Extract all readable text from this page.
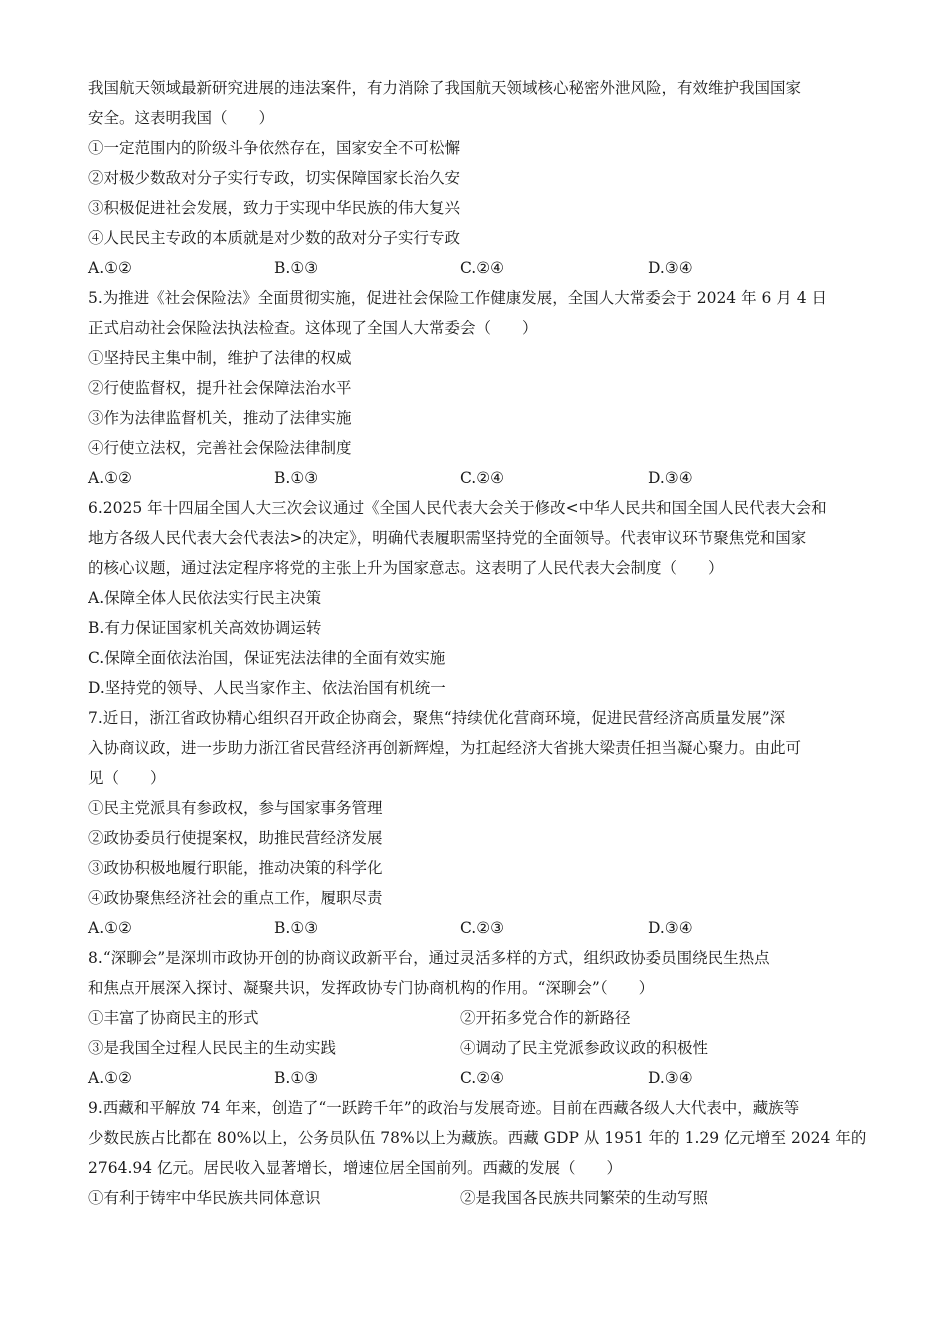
我国航天领域最新研究进展的违法案件，有力消除了我国航天领域核心秘密外泄风险，有效维护我国国家
安全。这表明我国（　　）
①一定范围内的阶级斗争依然存在，国家安全不可松懈
②对极少数敌对分子实行专政，切实保障国家长治久安
③积极促进社会发展，致力于实现中华民族的伟大复兴
④人民民主专政的本质就是对少数的敌对分子实行专政
A.①②	B.①③	C.②④	D.③④
5.为推进《社会保险法》全面贯彻实施，促进社会保险工作健康发展，全国人大常委会于 2024 年 6 月 4 日
正式启动社会保险法执法检查。这体现了全国人大常委会（　　）
①坚持民主集中制，维护了法律的权威
②行使监督权，提升社会保障法治水平
③作为法律监督机关，推动了法律实施
④行使立法权，完善社会保险法律制度
A.①②	B.①③	C.②④	D.③④
6.2025 年十四届全国人大三次会议通过《全国人民代表大会关于修改<中华人民共和国全国人民代表大会和
地方各级人民代表大会代表法>的决定》，明确代表履职需坚持党的全面领导。代表审议环节聚焦党和国家
的核心议题，通过法定程序将党的主张上升为国家意志。这表明了人民代表大会制度（　　）
A.保障全体人民依法实行民主决策
B.有力保证国家机关高效协调运转
C.保障全面依法治国，保证宪法法律的全面有效实施
D.坚持党的领导、人民当家作主、依法治国有机统一
7.近日，浙江省政协精心组织召开政企协商会，聚焦“持续优化营商环境，促进民营经济高质量发展”深
入协商议政，进一步助力浙江省民营经济再创新辉煌，为扛起经济大省挑大梁责任担当凝心聚力。由此可
见（　　）
①民主党派具有参政权，参与国家事务管理
②政协委员行使提案权，助推民营经济发展
③政协积极地履行职能，推动决策的科学化
④政协聚焦经济社会的重点工作，履职尽责
A.①②	B.①③	C.②③	D.③④
8.“深聊会”是深圳市政协开创的协商议政新平台，通过灵活多样的方式，组织政协委员围绕民生热点
和焦点开展深入探讨、凝聚共识，发挥政协专门协商机构的作用。“深聊会”（　　）
①丰富了协商民主的形式	②开拓多党合作的新路径
③是我国全过程人民民主的生动实践	④调动了民主党派参政议政的积极性
A.①②	B.①③	C.②④	D.③④
9.西藏和平解放 74 年来，创造了“一跃跨千年”的政治与发展奇迹。目前在西藏各级人大代表中，藏族等
少数民族占比都在 80%以上，公务员队伍 78%以上为藏族。西藏 GDP 从 1951 年的 1.29 亿元增至 2024 年的
2764.94 亿元。居民收入显著增长，增速位居全国前列。西藏的发展（　　）
①有利于铸牢中华民族共同体意识	②是我国各民族共同繁荣的生动写照
